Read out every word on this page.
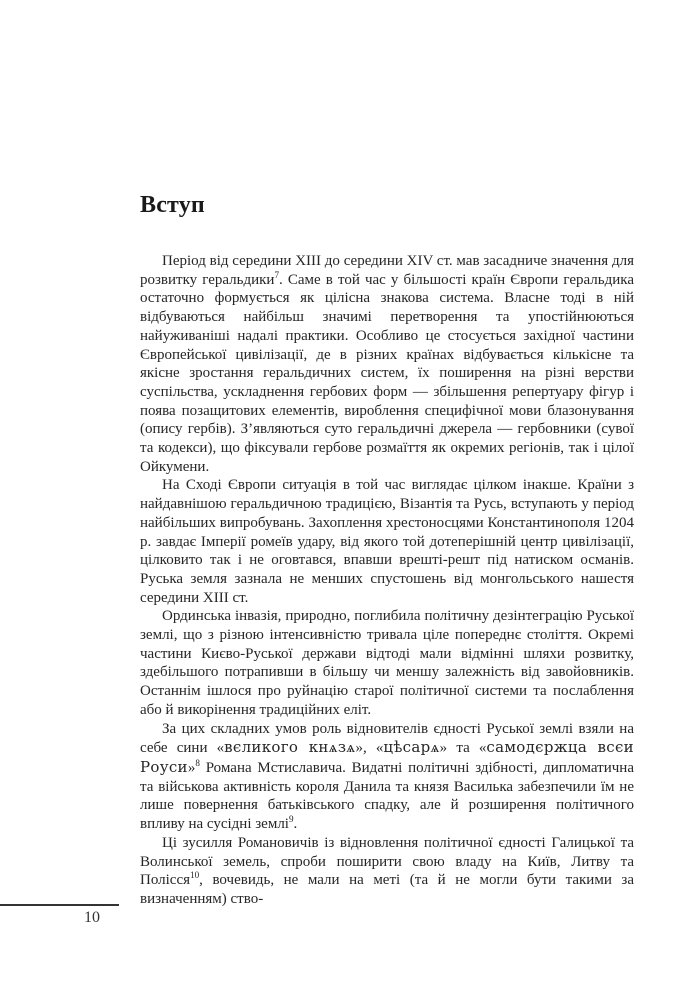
Вступ

Період від середини XIII до середини XIV ст. мав засадниче значення для розвитку геральдики$^7$. Саме в той час у більшості країн Європи геральдика остаточно формується як цілісна знакова система. Власне тоді в ній відбуваються найбільш значимі перетворення та упостійнюються найуживаніші надалі практики. Особливо це стосується західної частини Європейської цивілізації, де в різних країнах відбувається кількісне та якісне зростання геральдичних систем, їх поширення на різні верстви суспільства, ускладнення гербових форм — збільшення репертуару фігур і поява позащитових елементів, вироблення специфічної мови блазонування (опису гербів). З’являються суто геральдичні джерела — гербовники (сувої та кодекси), що фіксували гербове розмаїття як окремих регіонів, так і цілої Ойкумени.

На Сході Європи ситуація в той час виглядає цілком інакше. Країни з найдавнішою геральдичною традицією, Візантія та Русь, вступають у період найбільших випробувань. Захоплення хрестоносцями Константинополя 1204 р. завдає Імперії ромеїв удару, від якого той дотеперішній центр цивілізації, цілковито так і не оговтався, впавши врешті-решт під натиском османів. Руська земля зазнала не менших спустошень від монгольського нашестя середини XIII ст.

Ординська інвазія, природно, поглибила політичну дезінтеграцію Руської землі, що з різною інтенсивністю тривала ціле попереднє століття. Окремі частини Києво-Руської держави відтоді мали відмінні шляхи розвитку, здебільшого потрапивши в більшу чи меншу залежність від завойовників. Останнім ішлося про руйнацію старої політичної системи та послаблення або й викорінення традиційних еліт.

За цих складних умов роль відновителів єдності Руської землі взяли на себе сини «вєликого кнѧзѧ», «цѣсарѧ» та «самодєржца всєи Роуси»$^8$ Романа Мстиславича. Видатні політичні здібності, дипломатична та військова активність короля Данила та князя Василька забезпечили їм не лише повернення батьківського спадку, але й розширення політичного впливу на сусідні землі$^9$.

Ці зусилля Романовичів із відновлення політичної єдності Галицької та Волинської земель, спроби поширити свою владу на Київ, Литву та Полісся$^{10}$, вочевидь, не мали на меті (та й не могли бути такими за визначенням) ство-

10
